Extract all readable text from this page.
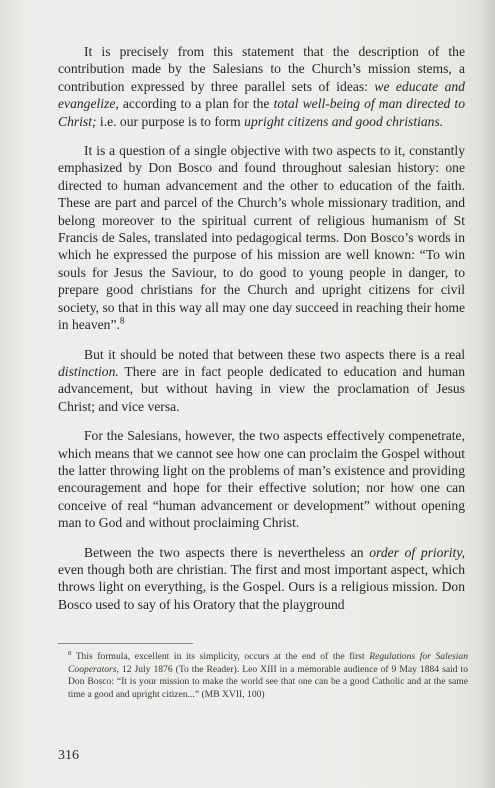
It is precisely from this statement that the description of the contribution made by the Salesians to the Church’s mission stems, a contribution expressed by three parallel sets of ideas: we educate and evangelize, according to a plan for the total well-being of man directed to Christ; i.e. our purpose is to form upright citizens and good christians.

It is a question of a single objective with two aspects to it, constantly emphasized by Don Bosco and found throughout salesian history: one directed to human advancement and the other to education of the faith. These are part and parcel of the Church’s whole missionary tradition, and belong moreover to the spiritual current of religious humanism of St Francis de Sales, translated into pedagogical terms. Don Bosco’s words in which he expressed the purpose of his mission are well known: “To win souls for Jesus the Saviour, to do good to young people in danger, to prepare good christians for the Church and upright citizens for civil society, so that in this way all may one day succeed in reaching their home in heaven”.$^8$

But it should be noted that between these two aspects there is a real distinction. There are in fact people dedicated to education and human advancement, but without having in view the proclamation of Jesus Christ; and vice versa.

For the Salesians, however, the two aspects effectively compenetrate, which means that we cannot see how one can proclaim the Gospel without the latter throwing light on the problems of man’s existence and providing encouragement and hope for their effective solution; nor how one can conceive of real “human advancement or development” without opening man to God and without proclaiming Christ.

Between the two aspects there is nevertheless an order of priority, even though both are christian. The first and most important aspect, which throws light on everything, is the Gospel. Ours is a religious mission. Don Bosco used to say of his Oratory that the playground

$^8$ This formula, excellent in its simplicity, occurs at the end of the first Regulations for Salesian Cooperators, 12 July 1876 (To the Reader). Leo XIII in a memorable audience of 9 May 1884 said to Don Bosco: “It is your mission to make the world see that one can be a good Catholic and at the same time a good and upright citizen...” (MB XVII, 100)
316
